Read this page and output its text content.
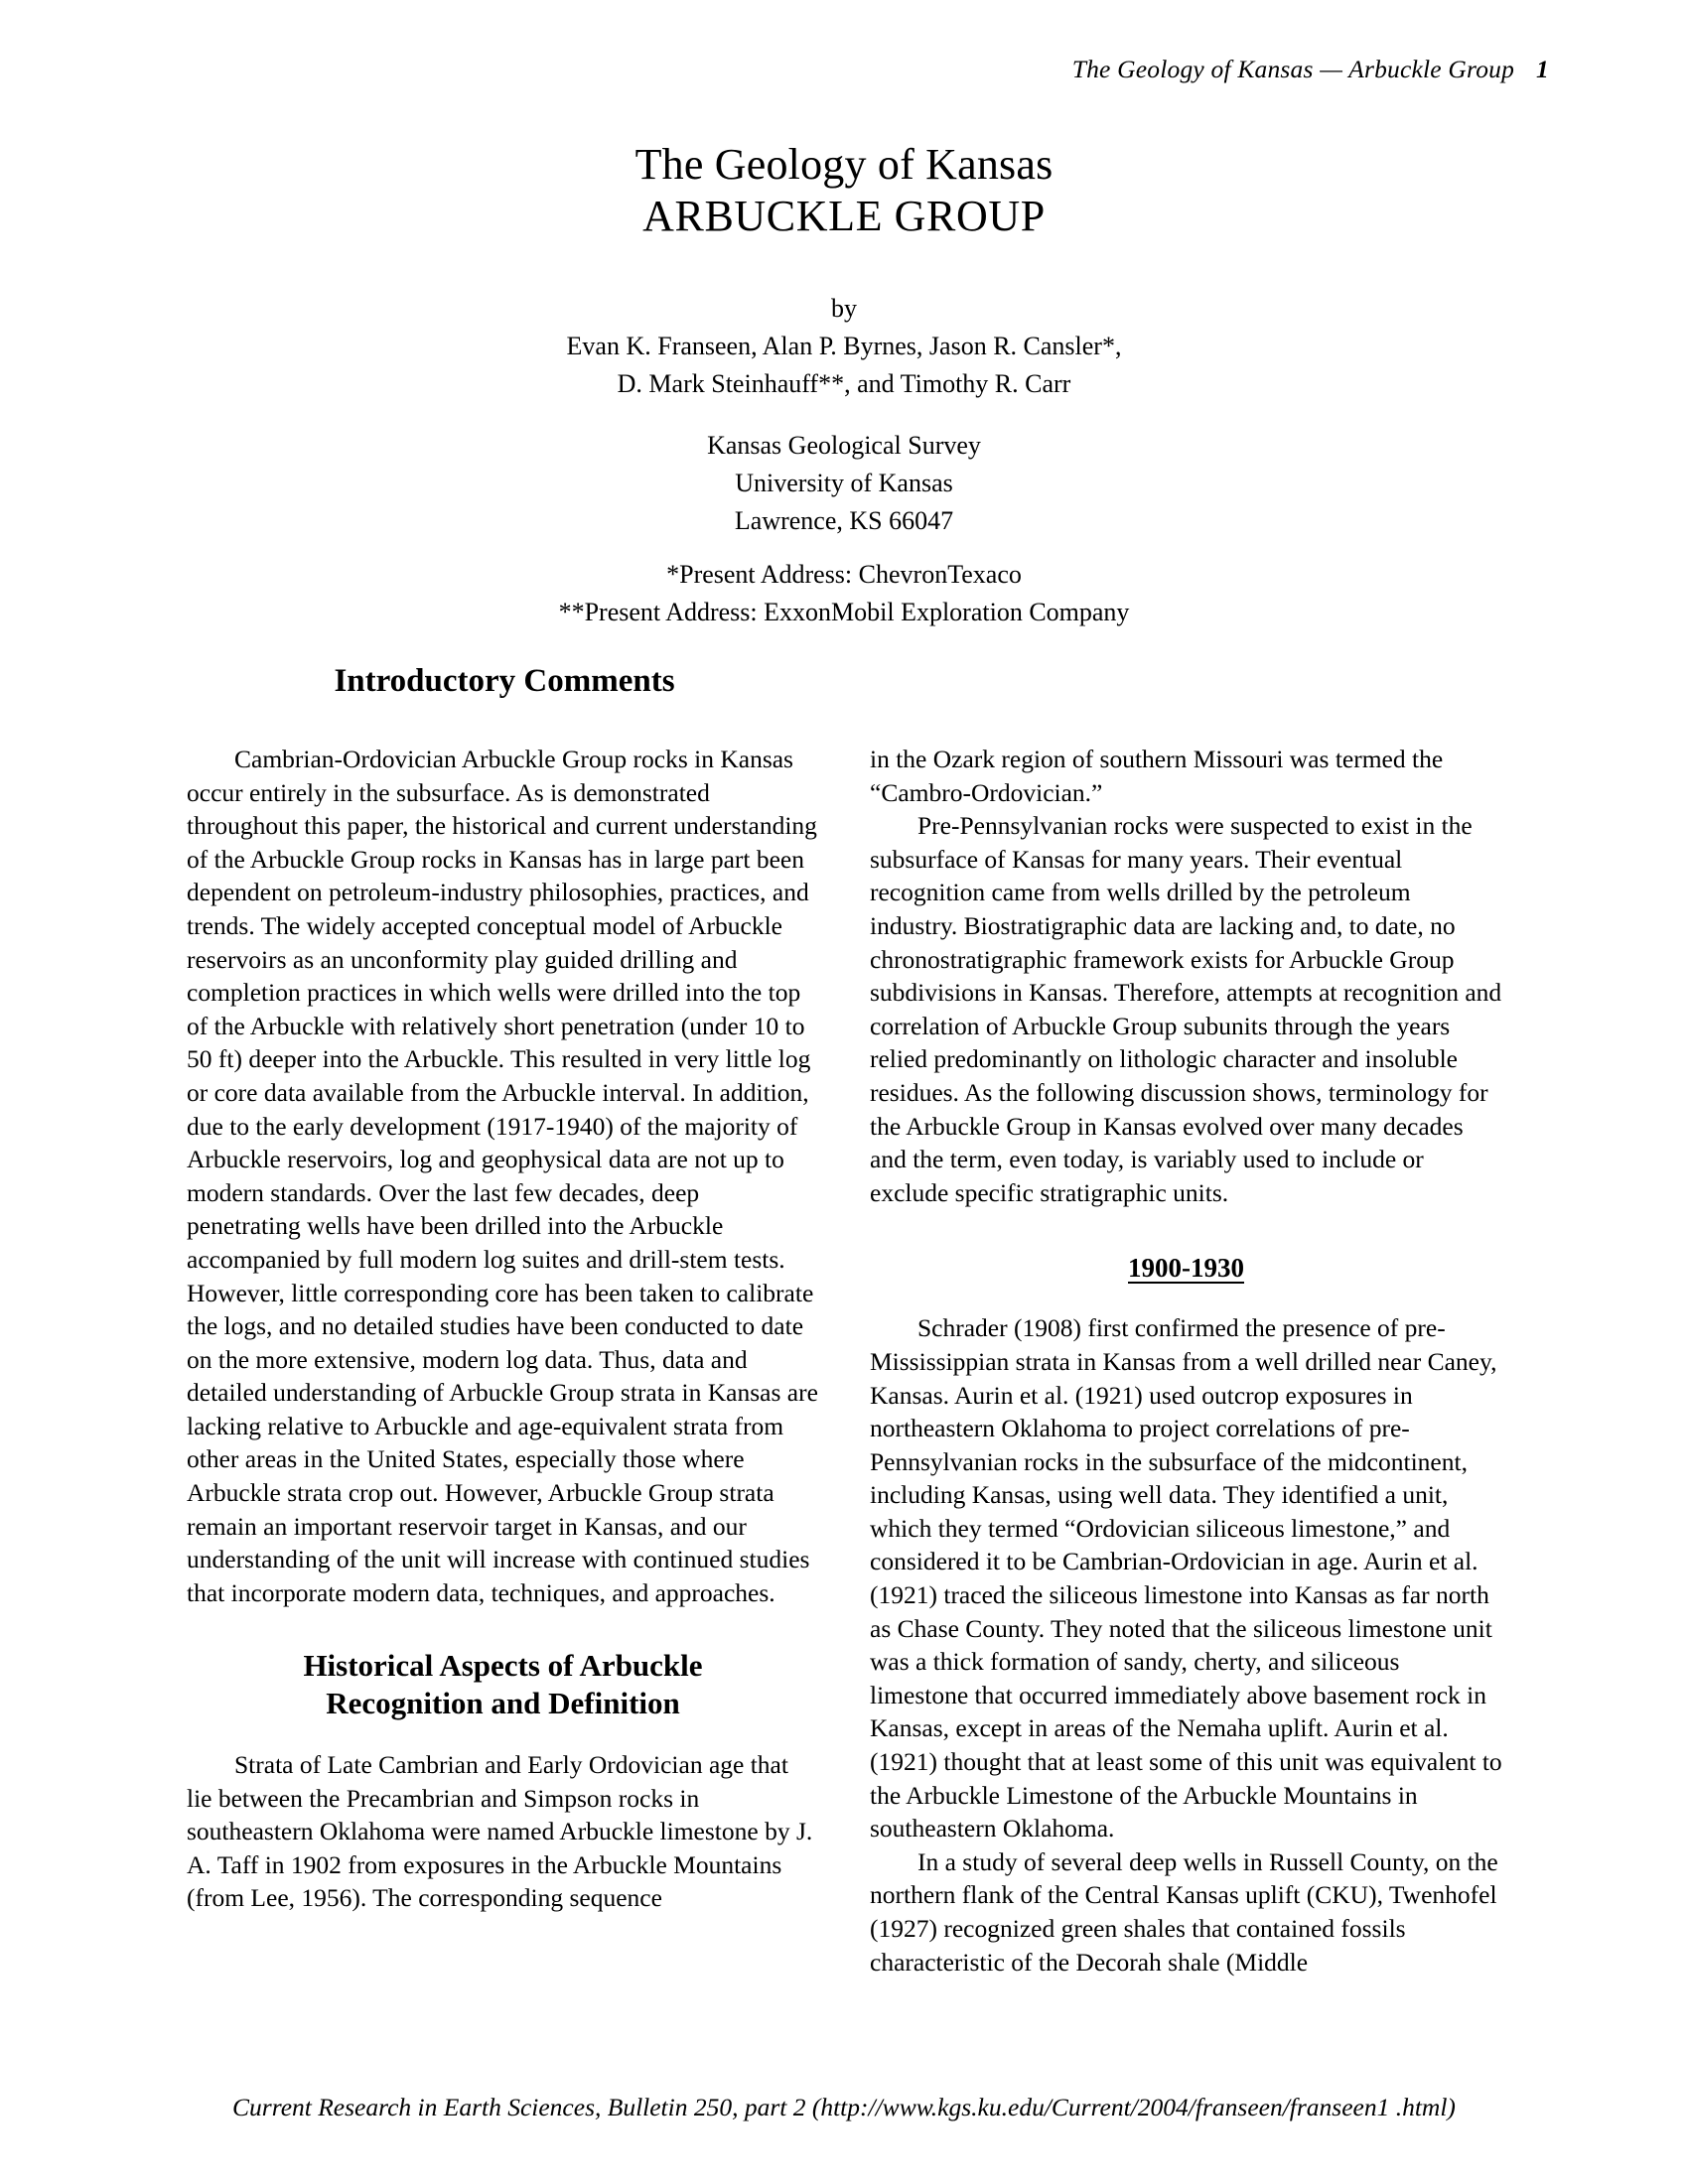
The Geology of Kansas — Arbuckle Group 1
The Geology of Kansas
ARBUCKLE GROUP
by
Evan K. Franseen, Alan P. Byrnes, Jason R. Cansler*,
D. Mark Steinhauff**, and Timothy R. Carr
Kansas Geological Survey
University of Kansas
Lawrence, KS 66047
*Present Address: ChevronTexaco
**Present Address: ExxonMobil Exploration Company
Introductory Comments

Cambrian-Ordovician Arbuckle Group rocks in Kansas occur entirely in the subsurface. As is demonstrated throughout this paper, the historical and current understanding of the Arbuckle Group rocks in Kansas has in large part been dependent on petroleum-industry philosophies, practices, and trends. The widely accepted conceptual model of Arbuckle reservoirs as an unconformity play guided drilling and completion practices in which wells were drilled into the top of the Arbuckle with relatively short penetration (under 10 to 50 ft) deeper into the Arbuckle. This resulted in very little log or core data available from the Arbuckle interval. In addition, due to the early development (1917-1940) of the majority of Arbuckle reservoirs, log and geophysical data are not up to modern standards. Over the last few decades, deep penetrating wells have been drilled into the Arbuckle accompanied by full modern log suites and drill-stem tests. However, little corresponding core has been taken to calibrate the logs, and no detailed studies have been conducted to date on the more extensive, modern log data. Thus, data and detailed understanding of Arbuckle Group strata in Kansas are lacking relative to Arbuckle and age-equivalent strata from other areas in the United States, especially those where Arbuckle strata crop out. However, Arbuckle Group strata remain an important reservoir target in Kansas, and our understanding of the unit will increase with continued studies that incorporate modern data, techniques, and approaches.

Historical Aspects of Arbuckle
Recognition and Definition

Strata of Late Cambrian and Early Ordovician age that lie between the Precambrian and Simpson rocks in southeastern Oklahoma were named Arbuckle limestone by J. A. Taff in 1902 from exposures in the Arbuckle Mountains (from Lee, 1956). The corresponding sequence

in the Ozark region of southern Missouri was termed the “Cambro-Ordovician.”

Pre-Pennsylvanian rocks were suspected to exist in the subsurface of Kansas for many years. Their eventual recognition came from wells drilled by the petroleum industry. Biostratigraphic data are lacking and, to date, no chronostratigraphic framework exists for Arbuckle Group subdivisions in Kansas. Therefore, attempts at recognition and correlation of Arbuckle Group subunits through the years relied predominantly on lithologic character and insoluble residues. As the following discussion shows, terminology for the Arbuckle Group in Kansas evolved over many decades and the term, even today, is variably used to include or exclude specific stratigraphic units.

1900-1930

Schrader (1908) first confirmed the presence of pre-Mississippian strata in Kansas from a well drilled near Caney, Kansas. Aurin et al. (1921) used outcrop exposures in northeastern Oklahoma to project correlations of pre-Pennsylvanian rocks in the subsurface of the midcontinent, including Kansas, using well data. They identified a unit, which they termed “Ordovician siliceous limestone,” and considered it to be Cambrian-Ordovician in age. Aurin et al. (1921) traced the siliceous limestone into Kansas as far north as Chase County. They noted that the siliceous limestone unit was a thick formation of sandy, cherty, and siliceous limestone that occurred immediately above basement rock in Kansas, except in areas of the Nemaha uplift. Aurin et al. (1921) thought that at least some of this unit was equivalent to the Arbuckle Limestone of the Arbuckle Mountains in southeastern Oklahoma.

In a study of several deep wells in Russell County, on the northern flank of the Central Kansas uplift (CKU), Twenhofel (1927) recognized green shales that contained fossils characteristic of the Decorah shale (Middle

Current Research in Earth Sciences, Bulletin 250, part 2 (http://www.kgs.ku.edu/Current/2004/franseen/franseen1 .html)
